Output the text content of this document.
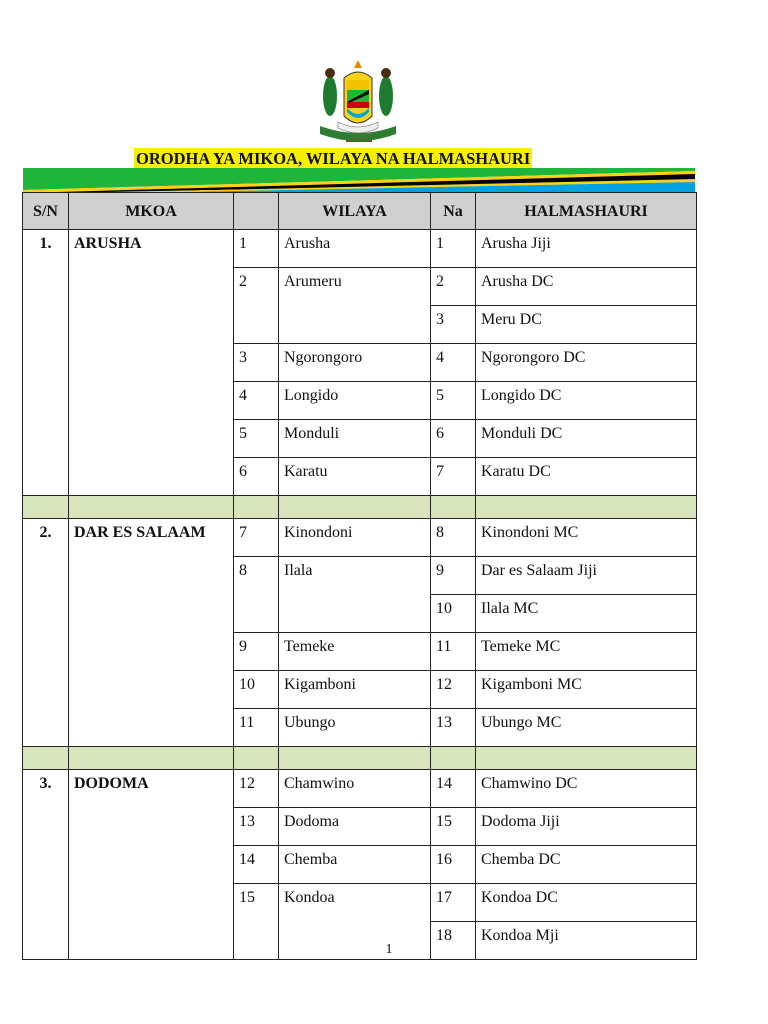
ORODHA YA MIKOA, WILAYA NA HALMASHAURI
S/N	MKOA		WILAYA	Na	HALMASHAURI
1.	ARUSHA	1	Arusha	1	Arusha Jiji
		2	Arumeru	2	Arusha DC
				3	Meru DC
		3	Ngorongoro	4	Ngorongoro DC
		4	Longido	5	Longido DC
		5	Monduli	6	Monduli DC
		6	Karatu	7	Karatu DC

2.	DAR ES SALAAM	7	Kinondoni	8	Kinondoni MC
		8	Ilala	9	Dar es Salaam Jiji
				10	Ilala MC
		9	Temeke	11	Temeke MC
		10	Kigamboni	12	Kigamboni MC
		11	Ubungo	13	Ubungo MC

3.	DODOMA	12	Chamwino	14	Chamwino DC
		13	Dodoma	15	Dodoma Jiji
		14	Chemba	16	Chemba DC
		15	Kondoa	17	Kondoa DC
				18	Kondoa Mji
1
